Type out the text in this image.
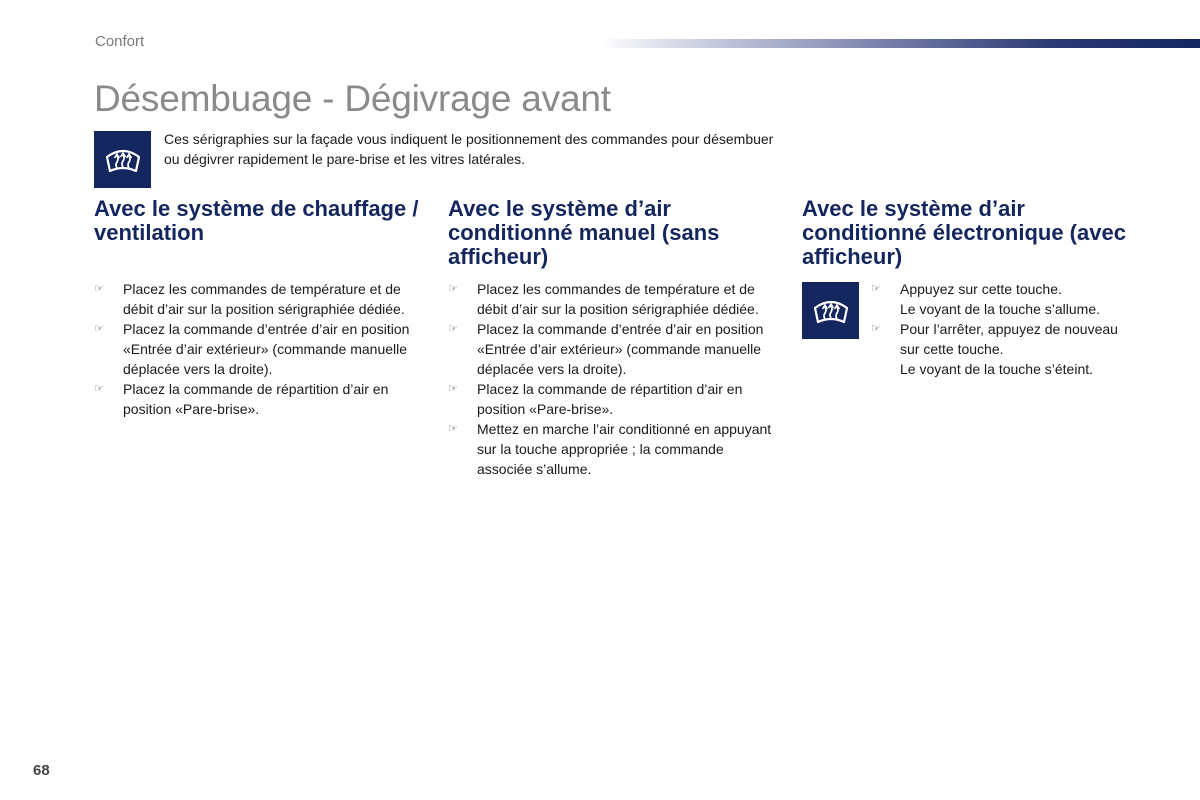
Confort
Désembuage - Dégivrage avant

Ces sérigraphies sur la façade vous indiquent le positionnement des commandes pour désembuer ou dégivrer rapidement le pare-brise et les vitres latérales.

Avec le système de chauffage / ventilation
☞ Placez les commandes de température et de débit d’air sur la position sérigraphiée dédiée.
☞ Placez la commande d’entrée d’air en position «Entrée d’air extérieur» (commande manuelle déplacée vers la droite).
☞ Placez la commande de répartition d’air en position «Pare-brise».
Avec le système d’air conditionné manuel (sans afficheur)
☞ Placez les commandes de température et de débit d’air sur la position sérigraphiée dédiée.
☞ Placez la commande d’entrée d’air en position «Entrée d’air extérieur» (commande manuelle déplacée vers la droite).
☞ Placez la commande de répartition d’air en position «Pare-brise».
☞ Mettez en marche l’air conditionné en appuyant sur la touche appropriée ; la commande associée s’allume.
Avec le système d’air conditionné électronique (avec afficheur)
☞ Appuyez sur cette touche.

Le voyant de la touche s’allume.

☞ Pour l’arrêter, appuyez de nouveau sur cette touche.

Le voyant de la touche s’éteint.

68
